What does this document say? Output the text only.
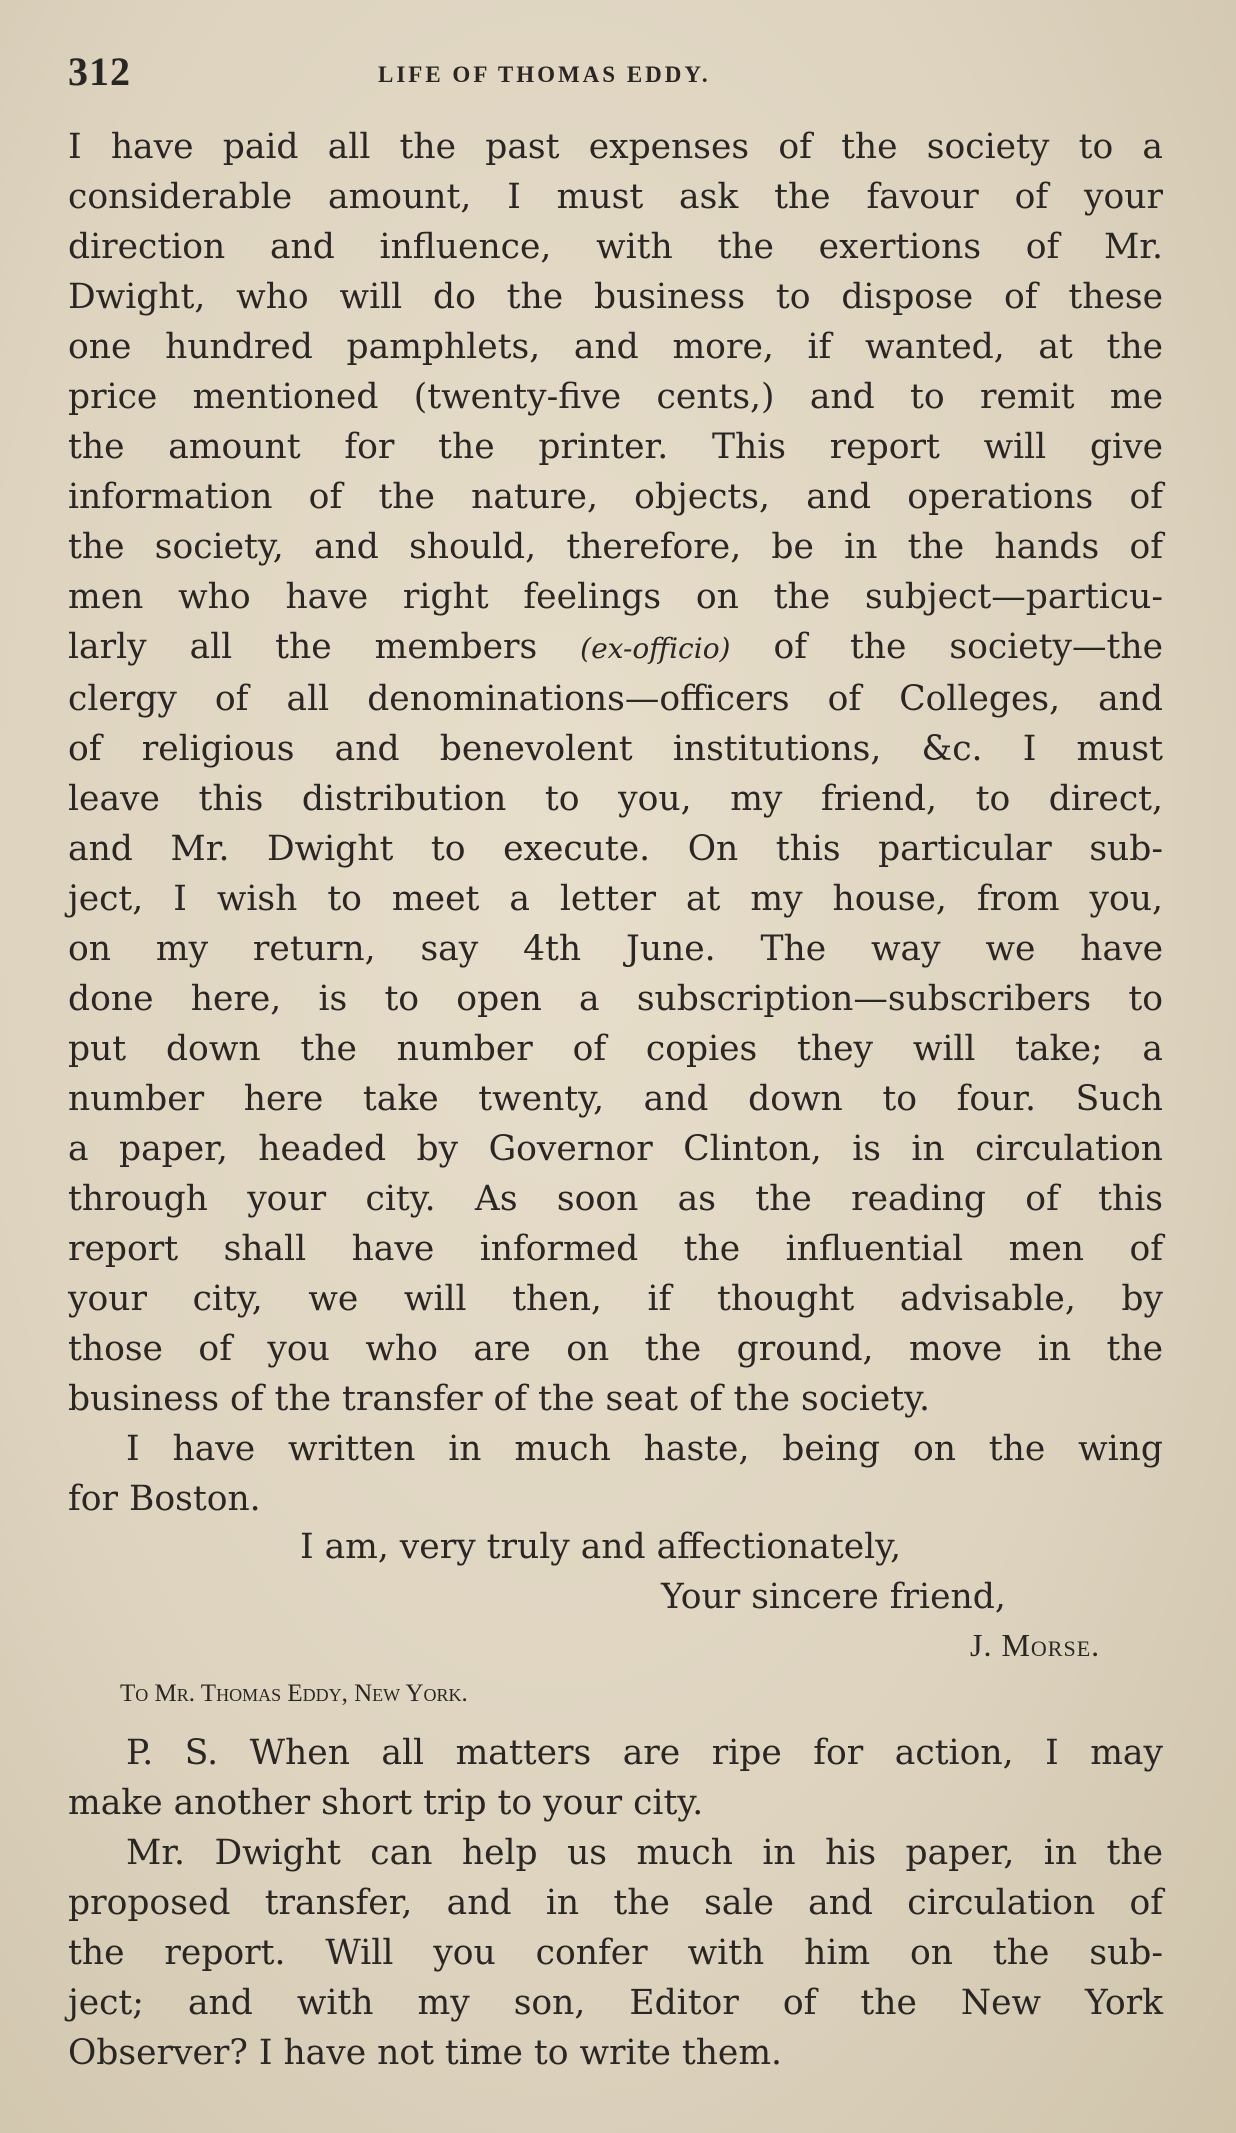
312	LIFE OF THOMAS EDDY.
I have paid all the past expenses of the society to a
considerable amount, I must ask the favour of your
direction and influence, with the exertions of Mr.
Dwight, who will do the business to dispose of these
one hundred pamphlets, and more, if wanted, at the
price mentioned (twenty-five cents,) and to remit me
the amount for the printer. This report will give
information of the nature, objects, and operations of
the society, and should, therefore, be in the hands of
men who have right feelings on the subject—particu-
larly all the members (ex-officio) of the society—the
clergy of all denominations—officers of Colleges, and
of religious and benevolent institutions, &c. I must
leave this distribution to you, my friend, to direct,
and Mr. Dwight to execute. On this particular sub-
ject, I wish to meet a letter at my house, from you,
on my return, say 4th June. The way we have
done here, is to open a subscription—subscribers to
put down the number of copies they will take; a
number here take twenty, and down to four. Such
a paper, headed by Governor Clinton, is in circulation
through your city. As soon as the reading of this
report shall have informed the influential men of
your city, we will then, if thought advisable, by
those of you who are on the ground, move in the
business of the transfer of the seat of the society.
I have written in much haste, being on the wing
for Boston.
I am, very truly and affectionately,
Your sincere friend,
J. Morse.
To Mr. Thomas Eddy, New York.
P. S. When all matters are ripe for action, I may
make another short trip to your city.
Mr. Dwight can help us much in his paper, in the
proposed transfer, and in the sale and circulation of
the report. Will you confer with him on the sub-
ject; and with my son, Editor of the New York
Observer? I have not time to write them.
